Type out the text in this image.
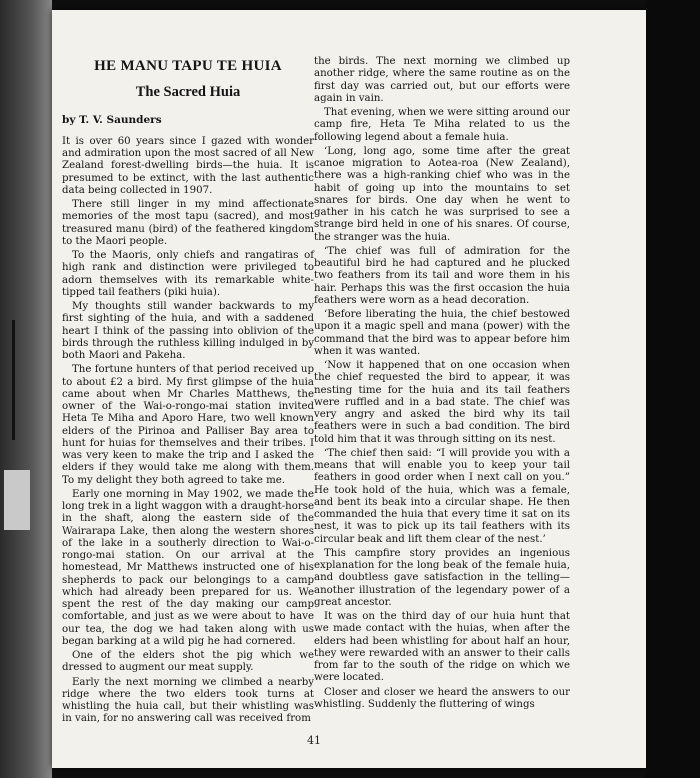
HE MANU TAPU TE HUIA
The Sacred Huia
by T. V. Saunders

It is over 60 years since I gazed with wonder and admiration upon the most sacred of all New Zealand forest-dwelling birds—the huia. It is presumed to be extinct, with the last authentic data being collected in 1907.

There still linger in my mind affectionate memories of the most tapu (sacred), and most treasured manu (bird) of the feathered kingdom to the Maori people.

To the Maoris, only chiefs and rangatiras of high rank and distinction were privileged to adorn themselves with its remarkable white-tipped tail feathers (piki huia).

My thoughts still wander backwards to my first sighting of the huia, and with a saddened heart I think of the passing into oblivion of the birds through the ruthless killing indulged in by both Maori and Pakeha.

The fortune hunters of that period received up to about £2 a bird. My first glimpse of the huia came about when Mr Charles Matthews, the owner of the Wai-o-rongo-mai station invited Heta Te Miha and Aporo Hare, two well known elders of the Pirinoa and Palliser Bay area to hunt for huias for themselves and their tribes. I was very keen to make the trip and I asked the elders if they would take me along with them. To my delight they both agreed to take me.

Early one morning in May 1902, we made the long trek in a light waggon with a draught-horse in the shaft, along the eastern side of the Wairarapa Lake, then along the western shores of the lake in a southerly direction to Wai-o-rongo-mai station. On our arrival at the homestead, Mr Matthews instructed one of his shepherds to pack our belongings to a camp which had already been prepared for us. We spent the rest of the day making our camp comfortable, and just as we were about to have our tea, the dog we had taken along with us began barking at a wild pig he had cornered.

One of the elders shot the pig which we dressed to augment our meat supply.

Early the next morning we climbed a nearby ridge where the two elders took turns at whistling the huia call, but their whistling was in vain, for no answering call was received from

the birds. The next morning we climbed up another ridge, where the same routine as on the first day was carried out, but our efforts were again in vain.

That evening, when we were sitting around our camp fire, Heta Te Miha related to us the following legend about a female huia.

‘Long, long ago, some time after the great canoe migration to Aotea-roa (New Zealand), there was a high-ranking chief who was in the habit of going up into the mountains to set snares for birds. One day when he went to gather in his catch he was surprised to see a strange bird held in one of his snares. Of course, the stranger was the huia.

‘The chief was full of admiration for the beautiful bird he had captured and he plucked two feathers from its tail and wore them in his hair. Perhaps this was the first occasion the huia feathers were worn as a head decoration.

‘Before liberating the huia, the chief bestowed upon it a magic spell and mana (power) with the command that the bird was to appear before him when it was wanted.

‘Now it happened that on one occasion when the chief requested the bird to appear, it was nesting time for the huia and its tail feathers were ruffled and in a bad state. The chief was very angry and asked the bird why its tail feathers were in such a bad condition. The bird told him that it was through sitting on its nest.

‘The chief then said: “I will provide you with a means that will enable you to keep your tail feathers in good order when I next call on you.” He took hold of the huia, which was a female, and bent its beak into a circular shape. He then commanded the huia that every time it sat on its nest, it was to pick up its tail feathers with its circular beak and lift them clear of the nest.’

This campfire story provides an ingenious explanation for the long beak of the female huia, and doubtless gave satisfaction in the telling—another illustration of the legendary power of a great ancestor.

It was on the third day of our huia hunt that we made contact with the huias, when after the elders had been whistling for about half an hour, they were rewarded with an answer to their calls from far to the south of the ridge on which we were located.

Closer and closer we heard the answers to our whistling. Suddenly the fluttering of wings

41
